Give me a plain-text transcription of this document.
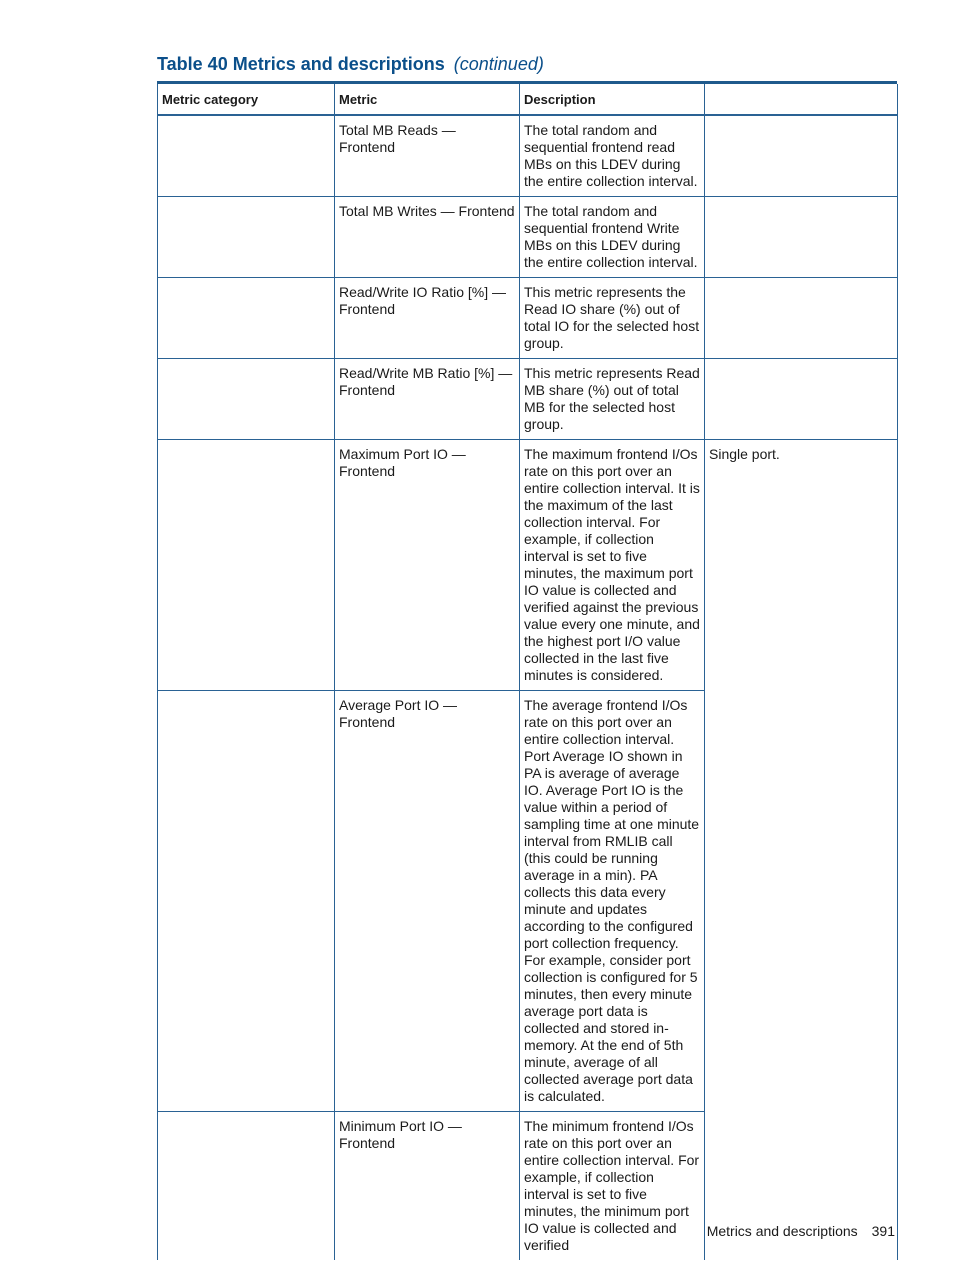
Table 40 Metrics and descriptions (continued)
Metric category	Metric	Description	
	Total MB Reads — Frontend	The total random and sequential frontend read MBs on this LDEV during the entire collection interval.	
	Total MB Writes — Frontend	The total random and sequential frontend Write MBs on this LDEV during the entire collection interval.	
	Read/Write IO Ratio [%] — Frontend	This metric represents the Read IO share (%) out of total IO for the selected host group.	
	Read/Write MB Ratio [%] — Frontend	This metric represents Read MB share (%) out of total MB for the selected host group.	
	Maximum Port IO — Frontend	The maximum frontend I/Os rate on this port over an entire collection interval. It is the maximum of the last collection interval. For example, if collection interval is set to five minutes, the maximum port IO value is collected and verified against the previous value every one minute, and the highest port I/O value collected in the last five minutes is considered.	Single port.
	Average Port IO — Frontend	The average frontend I/Os rate on this port over an entire collection interval. Port Average IO shown in PA is average of average IO. Average Port IO is the value within a period of sampling time at one minute interval from RMLIB call (this could be running average in a min). PA collects this data every minute and updates according to the configured port collection frequency. For example, consider port collection is configured for 5 minutes, then every minute average port data is collected and stored in-memory. At the end of 5th minute, average of all collected average port data is calculated.	
	Minimum Port IO — Frontend	The minimum frontend I/Os rate on this port over an entire collection interval. For example, if collection interval is set to five minutes, the minimum port IO value is collected and verified	
Metrics and descriptions 391
